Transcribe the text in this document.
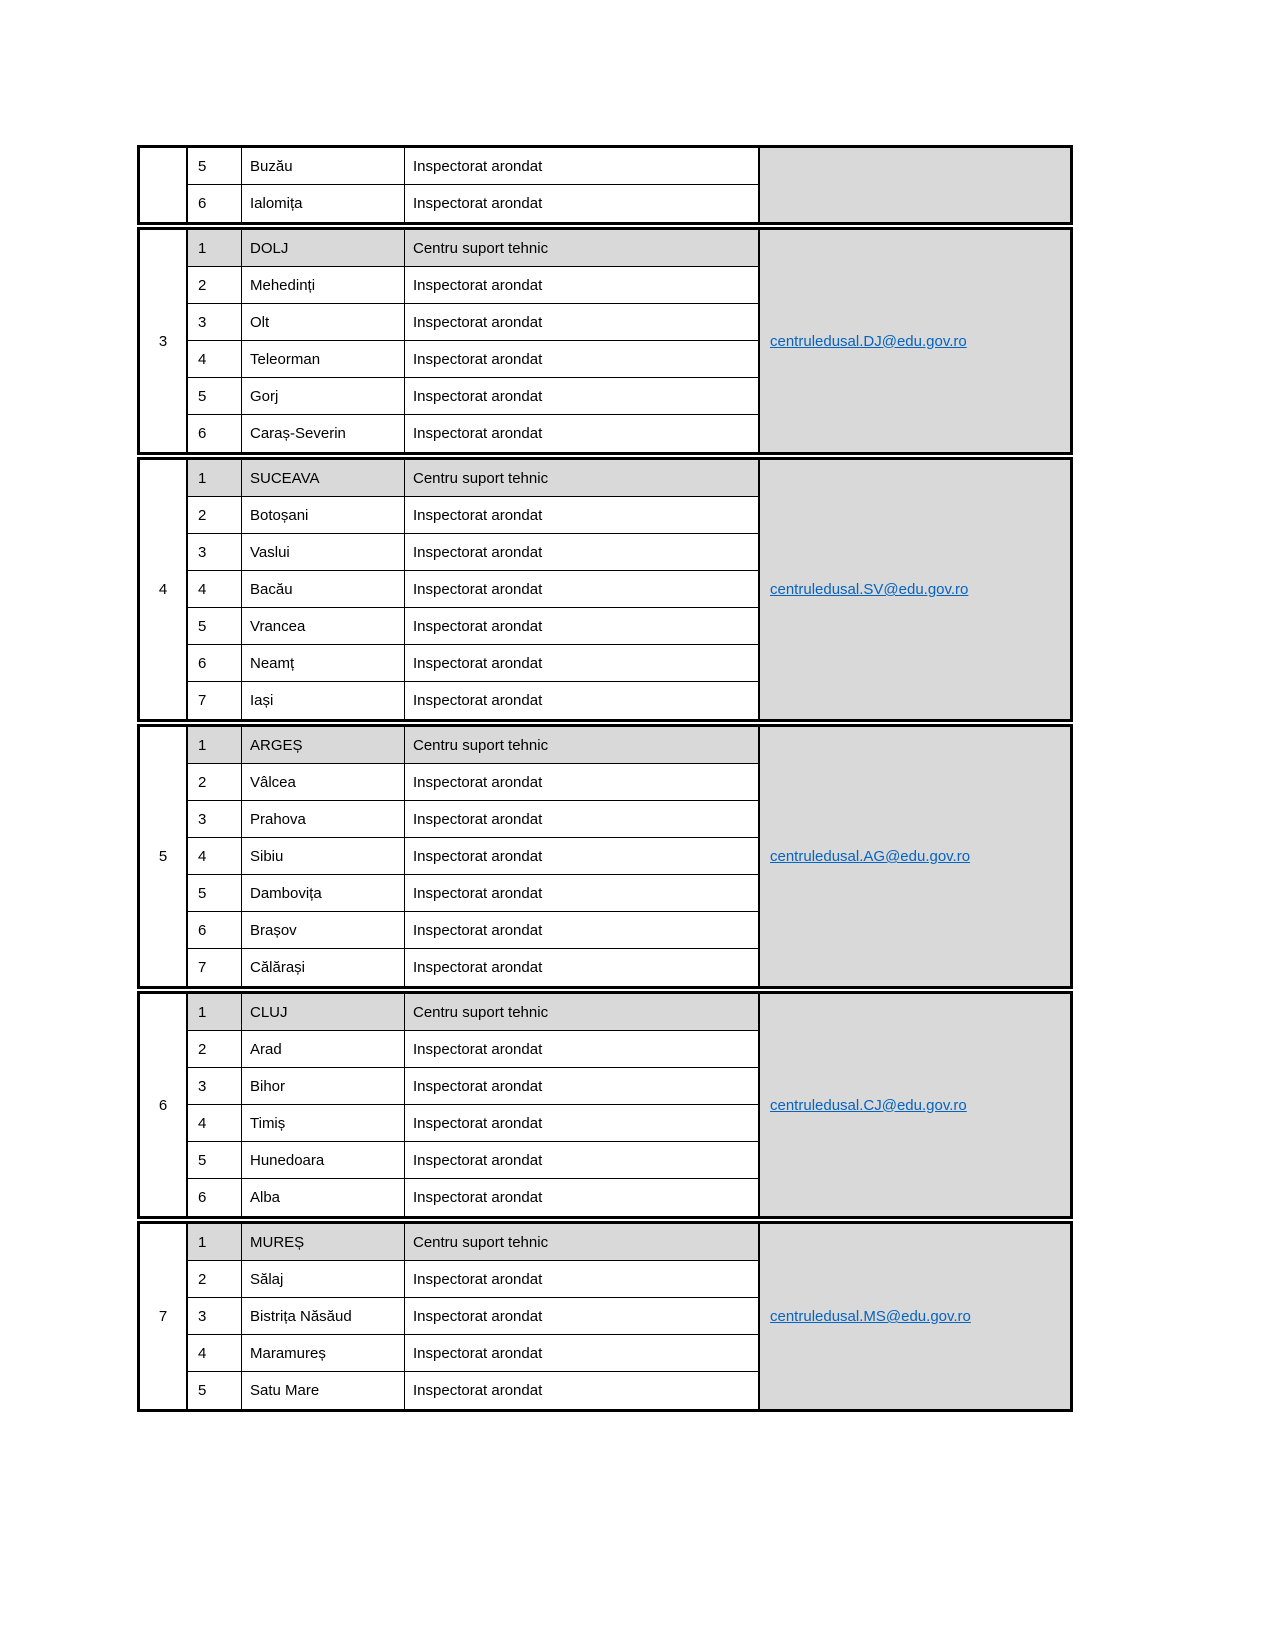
5	Buzău	Inspectorat arondat
6	Ialomița	Inspectorat arondat
3
1	DOLJ	Centru suport tehnic
2	Mehedinți	Inspectorat arondat
3	Olt	Inspectorat arondat
4	Teleorman	Inspectorat arondat
5	Gorj	Inspectorat arondat
6	Caraș-Severin	Inspectorat arondat
centruledusal.DJ@edu.gov.ro
4
1	SUCEAVA	Centru suport tehnic
2	Botoșani	Inspectorat arondat
3	Vaslui	Inspectorat arondat
4	Bacău	Inspectorat arondat
5	Vrancea	Inspectorat arondat
6	Neamț	Inspectorat arondat
7	Iași	Inspectorat arondat
centruledusal.SV@edu.gov.ro
5
1	ARGEȘ	Centru suport tehnic
2	Vâlcea	Inspectorat arondat
3	Prahova	Inspectorat arondat
4	Sibiu	Inspectorat arondat
5	Dambovița	Inspectorat arondat
6	Brașov	Inspectorat arondat
7	Călărași	Inspectorat arondat
centruledusal.AG@edu.gov.ro
6
1	CLUJ	Centru suport tehnic
2	Arad	Inspectorat arondat
3	Bihor	Inspectorat arondat
4	Timiș	Inspectorat arondat
5	Hunedoara	Inspectorat arondat
6	Alba	Inspectorat arondat
centruledusal.CJ@edu.gov.ro
7
1	MUREȘ	Centru suport tehnic
2	Sălaj	Inspectorat arondat
3	Bistrița Năsăud	Inspectorat arondat
4	Maramureș	Inspectorat arondat
5	Satu Mare	Inspectorat arondat
centruledusal.MS@edu.gov.ro
